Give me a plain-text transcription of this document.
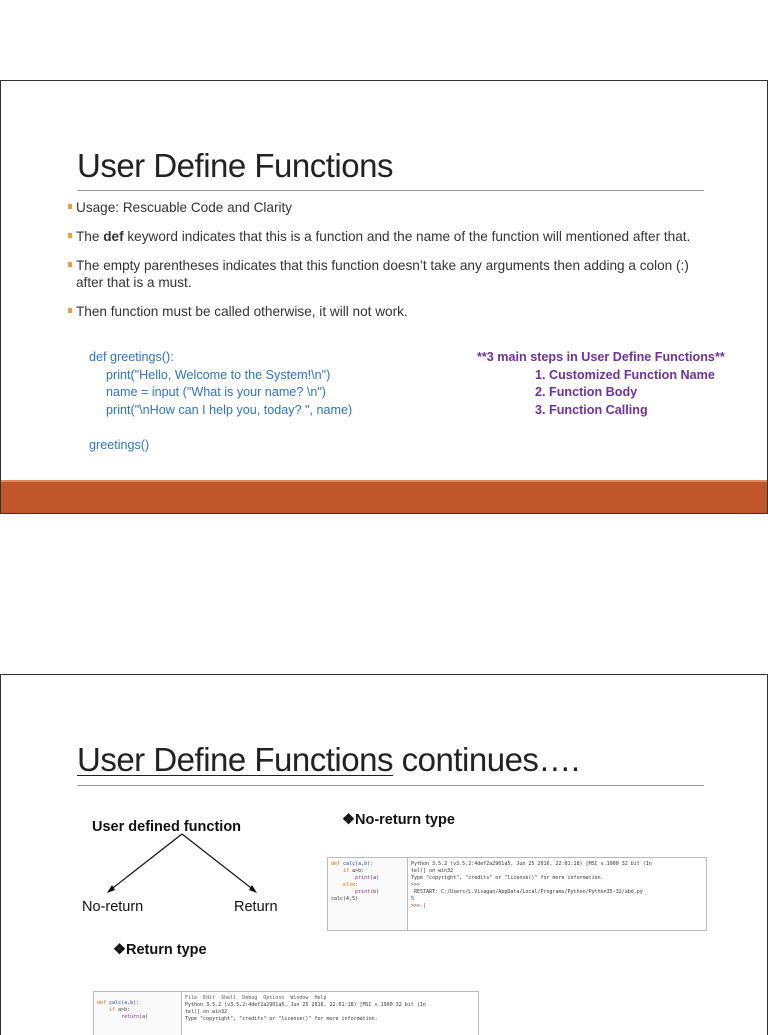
User Define Functions
Usage: Rescuable Code and Clarity
The def keyword indicates that this is a function and the name of the function will mentioned after that.
The empty parentheses indicates that this function doesn’t take any arguments then adding a colon (:) after that is a must.
Then function must be called otherwise, it will not work.
def greetings():
print("Hello, Welcome to the System!\n")
name = input ("What is your name? \n")
print("\nHow can I help you, today? ", name)
greetings()
**3 main steps in User Define Functions**
1. Customized Function Name
2. Function Body
3. Function Calling
User Define Functions continues….
User defined function
No-return	Return
❖No-return type
def calc(a,b):
if a>b:
print(a)
else:
print(b)
calc(4,5)
Python 3.5.2 (v3.5.2:4def2a2901a5, Jun 25 2016, 22:01:18) [MSC v.1900 32 bit (In
tel)] on win32
Type "copyright", "credits" or "license()" for more information.
>>>
RESTART: C:/Users/L.Visagan/AppData/Local/Programs/Python/Python35-32/abd.py
5
>>> |
❖Return type
def calc(a,b):
if a>b:
return(a)
File  Edit  Shell  Debug  Options  Window  Help
Python 3.5.2 (v3.5.2:4def2a2901a5, Jun 25 2016, 22:01:18) [MSC v.1900 32 bit (In
tel)] on win32
Type "copyright", "credits" or "license()" for more information.
